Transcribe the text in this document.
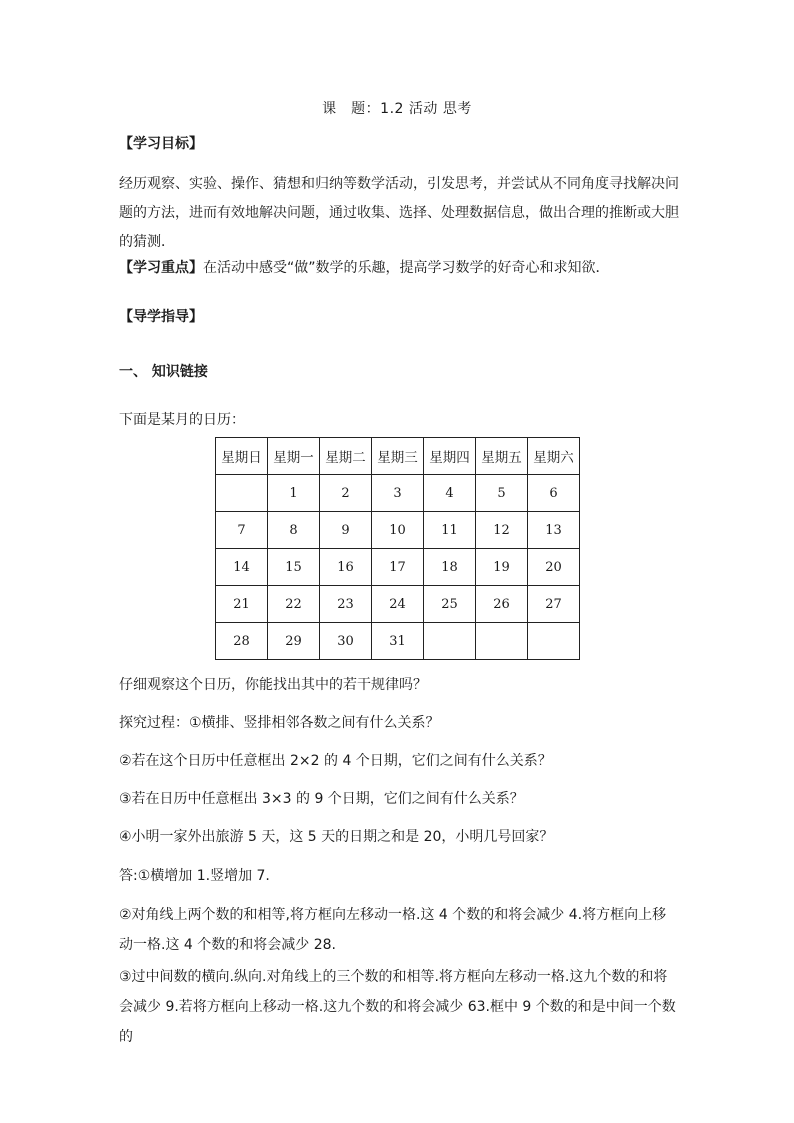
课　题：1.2 活动 思考
【学习目标】
经历观察、实验、操作、猜想和归纳等数学活动，引发思考，并尝试从不同角度寻找解决问题的方法，进而有效地解决问题，通过收集、选择、处理数据信息，做出合理的推断或大胆的猜测．
【学习重点】在活动中感受“做”数学的乐趣，提高学习数学的好奇心和求知欲．
【导学指导】
一、 知识链接
下面是某月的日历：
星期日	星期一	星期二	星期三	星期四	星期五	星期六
	1	2	3	4	5	6
7	8	9	10	11	12	13
14	15	16	17	18	19	20
21	22	23	24	25	26	27
28	29	30	31			
仔细观察这个日历，你能找出其中的若干规律吗？
探究过程：①横排、竖排相邻各数之间有什么关系？
②若在这个日历中任意框出 2×2 的 4 个日期，它们之间有什么关系？
③若在日历中任意框出 3×3 的 9 个日期，它们之间有什么关系？
④小明一家外出旅游 5 天，这 5 天的日期之和是 20，小明几号回家？
答:①横增加 1.竖增加 7.
②对角线上两个数的和相等,将方框向左移动一格.这 4 个数的和将会减少 4.将方框向上移动一格.这 4 个数的和将会减少 28.
③过中间数的横向.纵向.对角线上的三个数的和相等.将方框向左移动一格.这九个数的和将会减少 9.若将方框向上移动一格.这九个数的和将会减少 63.框中 9 个数的和是中间一个数的
